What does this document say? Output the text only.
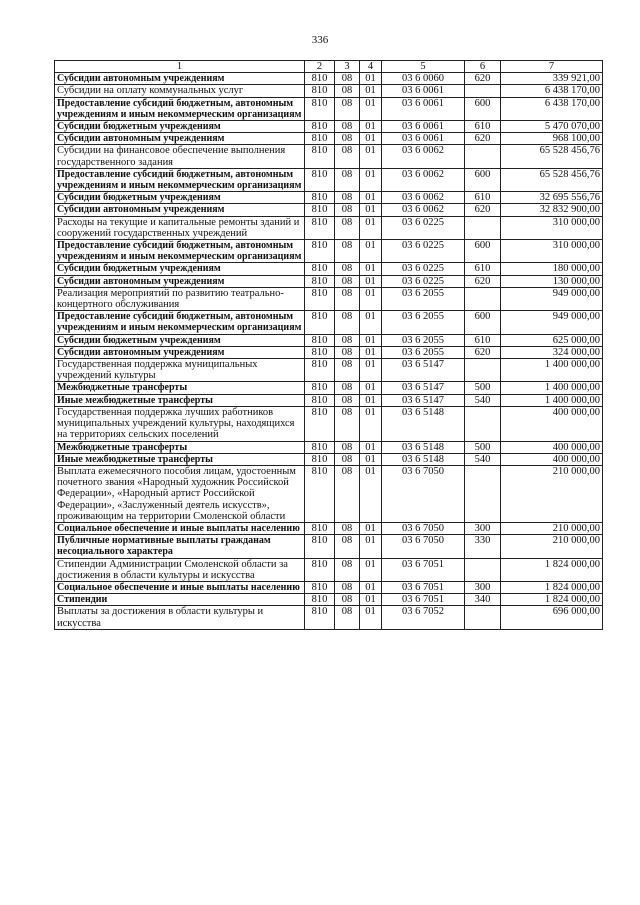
336
1	2	3	4	5	6	7
Субсидии автономным учреждениям	810	08	01	03 6 0060	620	339 921,00
Субсидии на оплату коммунальных услуг	810	08	01	03 6 0061		6 438 170,00
Предоставление субсидий бюджетным, автономным учреждениям и иным некоммерческим организациям	810	08	01	03 6 0061	600	6 438 170,00
Субсидии бюджетным учреждениям	810	08	01	03 6 0061	610	5 470 070,00
Субсидии автономным учреждениям	810	08	01	03 6 0061	620	968 100,00
Субсидии на финансовое обеспечение выполнения государственного задания	810	08	01	03 6 0062		65 528 456,76
Предоставление субсидий бюджетным, автономным учреждениям и иным некоммерческим организациям	810	08	01	03 6 0062	600	65 528 456,76
Субсидии бюджетным учреждениям	810	08	01	03 6 0062	610	32 695 556,76
Субсидии автономным учреждениям	810	08	01	03 6 0062	620	32 832 900,00
Расходы на текущие и капитальные ремонты зданий и сооружений государственных учреждений	810	08	01	03 6 0225		310 000,00
Предоставление субсидий бюджетным, автономным учреждениям и иным некоммерческим организациям	810	08	01	03 6 0225	600	310 000,00
Субсидии бюджетным учреждениям	810	08	01	03 6 0225	610	180 000,00
Субсидии автономным учреждениям	810	08	01	03 6 0225	620	130 000,00
Реализация мероприятий по развитию театрально-концертного обслуживания	810	08	01	03 6 2055		949 000,00
Предоставление субсидий бюджетным, автономным учреждениям и иным некоммерческим организациям	810	08	01	03 6 2055	600	949 000,00
Субсидии бюджетным учреждениям	810	08	01	03 6 2055	610	625 000,00
Субсидии автономным учреждениям	810	08	01	03 6 2055	620	324 000,00
Государственная поддержка муниципальных учреждений культуры	810	08	01	03 6 5147		1 400 000,00
Межбюджетные трансферты	810	08	01	03 6 5147	500	1 400 000,00
Иные межбюджетные трансферты	810	08	01	03 6 5147	540	1 400 000,00
Государственная поддержка лучших работников муниципальных учреждений культуры, находящихся на территориях сельских поселений	810	08	01	03 6 5148		400 000,00
Межбюджетные трансферты	810	08	01	03 6 5148	500	400 000,00
Иные межбюджетные трансферты	810	08	01	03 6 5148	540	400 000,00
Выплата ежемесячного пособия лицам, удостоенным почетного звания «Народный художник Российской Федерации», «Народный артист Российской Федерации», «Заслуженный деятель искусств», проживающим на территории Смоленской области	810	08	01	03 6 7050		210 000,00
Социальное обеспечение и иные выплаты населению	810	08	01	03 6 7050	300	210 000,00
Публичные нормативные выплаты гражданам несоциального характера	810	08	01	03 6 7050	330	210 000,00
Стипендии Администрации Смоленской области за достижения в области культуры и искусства	810	08	01	03 6 7051		1 824 000,00
Социальное обеспечение и иные выплаты населению	810	08	01	03 6 7051	300	1 824 000,00
Стипендии	810	08	01	03 6 7051	340	1 824 000,00
Выплаты за достижения в области культуры и искусства	810	08	01	03 6 7052		696 000,00
